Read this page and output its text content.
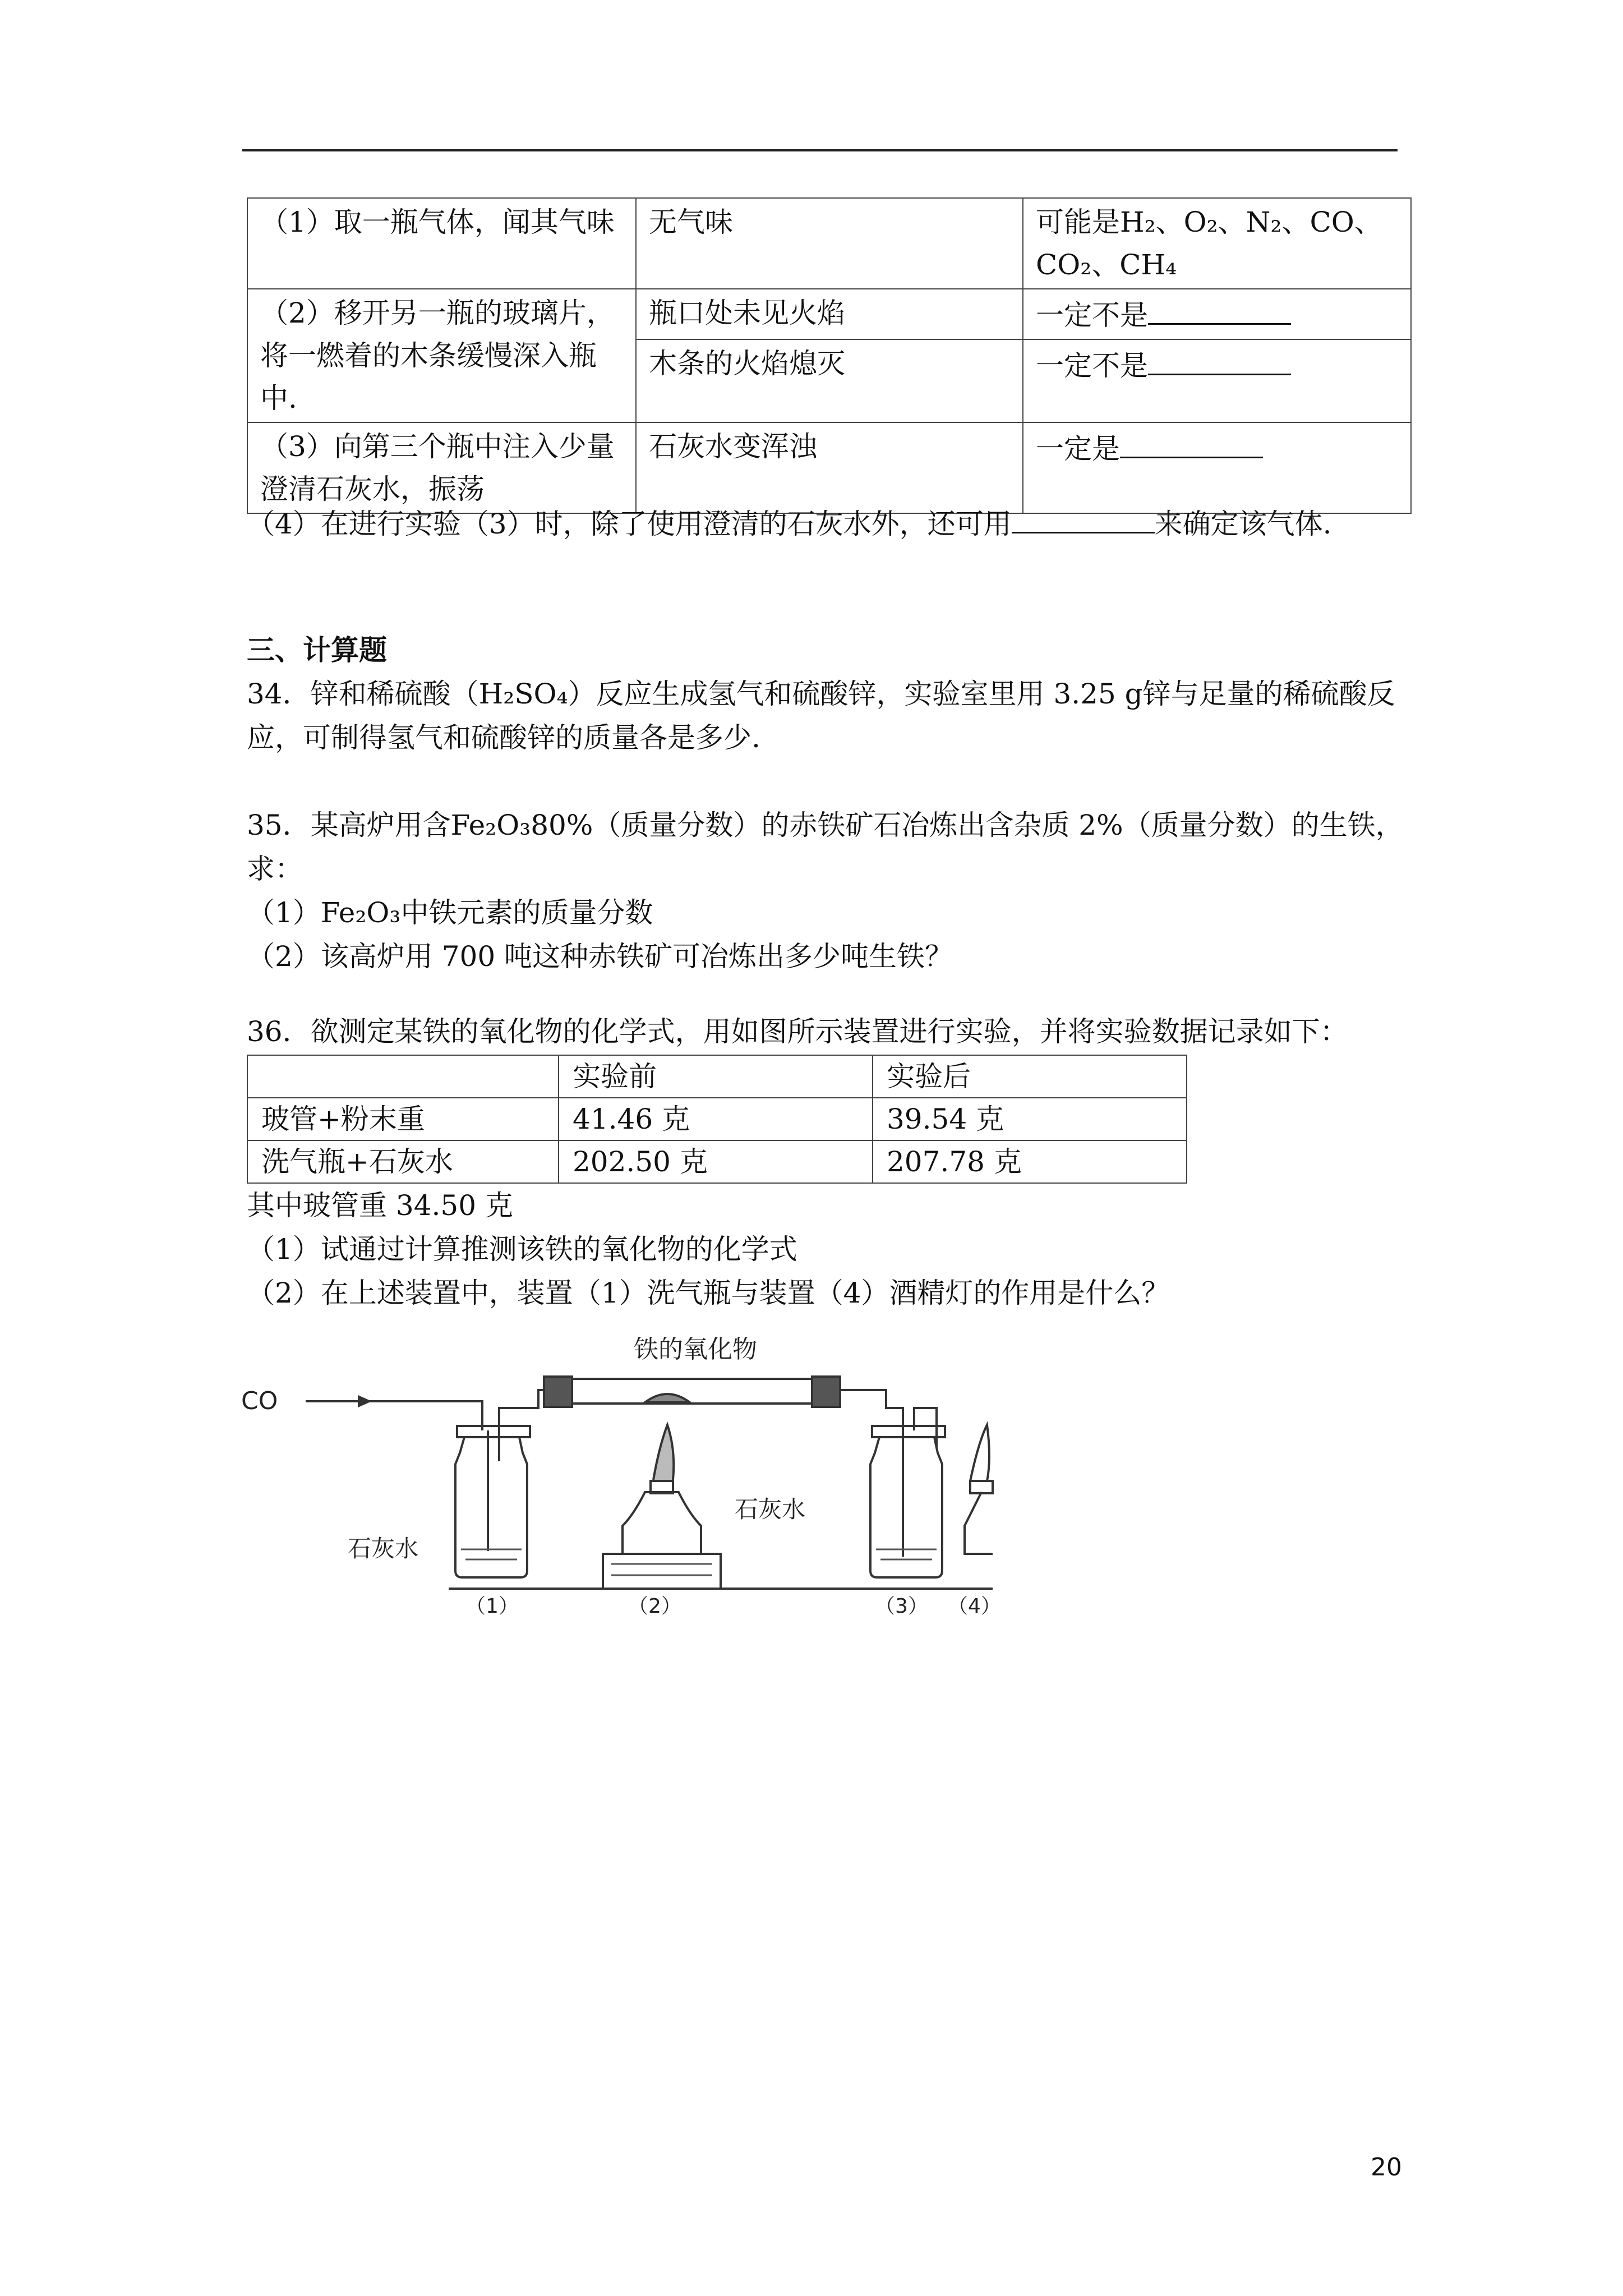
（1）取一瓶气体，闻其气味	无气味	可能是H₂、O₂、N₂、CO、CO₂、CH₄
（2）移开另一瓶的玻璃片，将一燃着的木条缓慢深入瓶中.	瓶口处未见火焰	一定不是
	木条的火焰熄灭	一定不是
（3）向第三个瓶中注入少量澄清石灰水，振荡	石灰水变浑浊	一定是
（4）在进行实验（3）时，除了使用澄清的石灰水外，还可用	来确定该气体.
三、计算题
34．锌和稀硫酸（H₂SO₄）反应生成氢气和硫酸锌，实验室里用 3.25 g锌与足量的稀硫酸反
应，可制得氢气和硫酸锌的质量各是多少.
35．某高炉用含Fe₂O₃80%（质量分数）的赤铁矿石冶炼出含杂质 2%（质量分数）的生铁，
求：
（1）Fe₂O₃中铁元素的质量分数
（2）该高炉用 700 吨这种赤铁矿可冶炼出多少吨生铁？
36．欲测定某铁的氧化物的化学式，用如图所示装置进行实验，并将实验数据记录如下：
	实验前	实验后
玻管+粉末重	41.46 克	39.54 克
洗气瓶+石灰水	202.50 克	207.78 克
其中玻管重 34.50 克
（1）试通过计算推测该铁的氧化物的化学式
（2）在上述装置中，装置（1）洗气瓶与装置（4）酒精灯的作用是什么？
CO
铁的氧化物
石灰水
石灰水
（1）	（2）	（3） （4）
20
